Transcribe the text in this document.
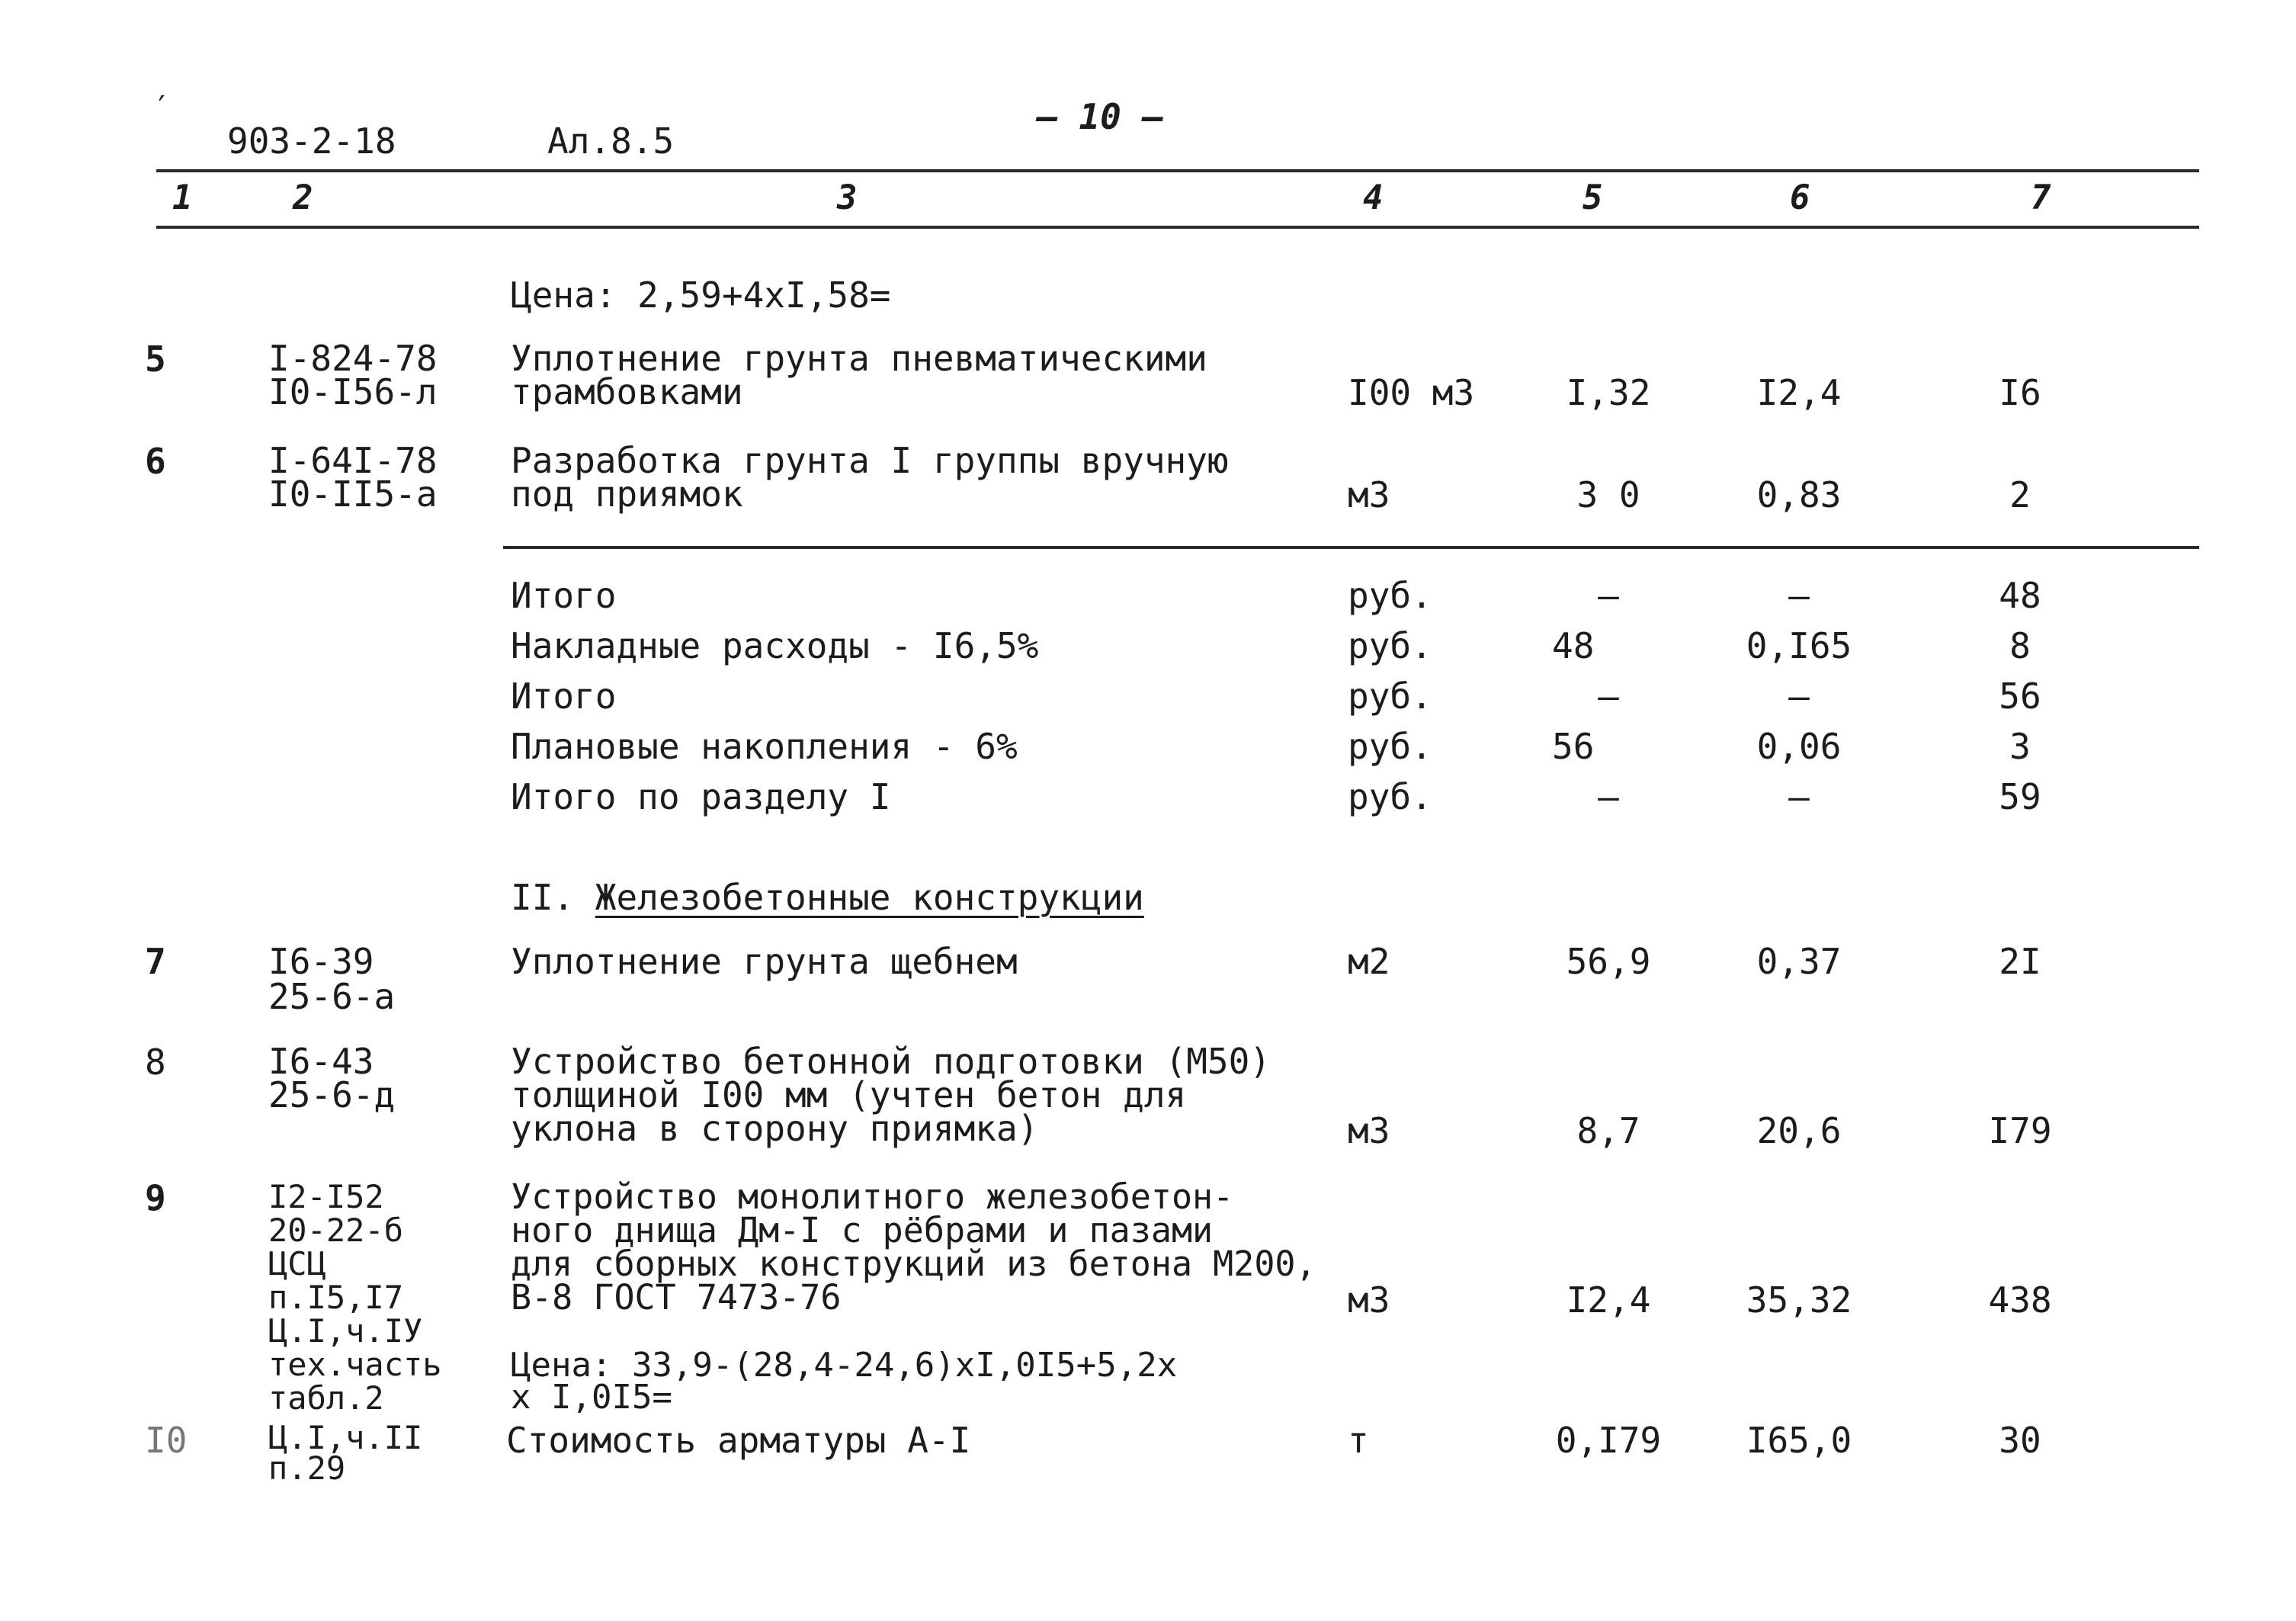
′
903-2-18	Ал.8.5
— 10 —
1	2	3	4	5	6	7
Цена: 2,59+4хI,58=
5	I-824-78
I0-I56-л
Уплотнение грунта пневматическими
трамбовками	I00 м3	I,32	I2,4	I6
6	I-64I-78
I0-II5-а
Разработка грунта I группы вручную
под приямок	м3	3 0	0,83	2
Итого	руб.	–	–	48
Накладные расходы - I6,5%	руб.	48	0,I65	8
Итого	руб.	–	–	56
Плановые накопления - 6%	руб.	56	0,06	3
Итого по разделу I	руб.	–	–	59
II. Железобетонные конструкции
7	I6-39
25-6-а
Уплотнение грунта щебнем	м2	56,9	0,37	2I
8	I6-43
25-6-д
Устройство бетонной подготовки (М50)
толщиной I00 мм (учтен бетон для
уклона в сторону приямка)	м3	8,7	20,6	I79
9	I2-I52
20-22-б
ЦСЦ
п.I5,I7
Ц.I,ч.IУ
тех.часть
табл.2
Устройство монолитного железобетон-
ного днища Дм-I с рёбрами и пазами
для сборных конструкций из бетона М200,
В-8 ГОСТ 7473-76	м3	I2,4	35,32	438
Цена: 33,9-(28,4-24,6)хI,0I5+5,2х
х I,0I5=
I0	Ц.I,ч.II
п.29
Стоимость арматуры А-I	т	0,I79	I65,0	30
